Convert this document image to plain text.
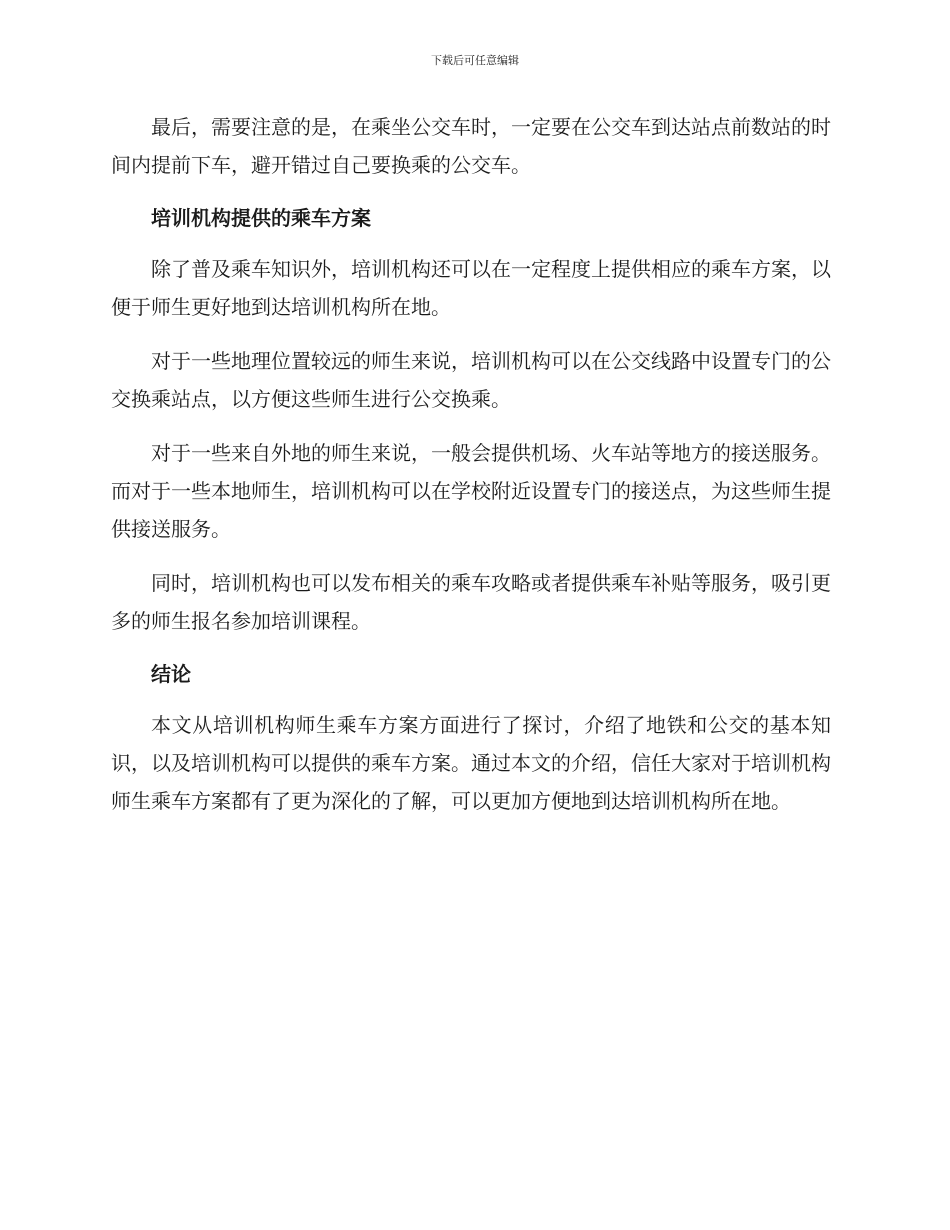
下载后可任意编辑

最后，需要注意的是，在乘坐公交车时，一定要在公交车到达站点前数站的时间内提前下车，避开错过自己要换乘的公交车。

培训机构提供的乘车方案

除了普及乘车知识外，培训机构还可以在一定程度上提供相应的乘车方案，以便于师生更好地到达培训机构所在地。

对于一些地理位置较远的师生来说，培训机构可以在公交线路中设置专门的公交换乘站点，以方便这些师生进行公交换乘。

对于一些来自外地的师生来说，一般会提供机场、火车站等地方的接送服务。而对于一些本地师生，培训机构可以在学校附近设置专门的接送点，为这些师生提供接送服务。

同时，培训机构也可以发布相关的乘车攻略或者提供乘车补贴等服务，吸引更多的师生报名参加培训课程。

结论

本文从培训机构师生乘车方案方面进行了探讨，介绍了地铁和公交的基本知识，以及培训机构可以提供的乘车方案。通过本文的介绍，信任大家对于培训机构师生乘车方案都有了更为深化的了解，可以更加方便地到达培训机构所在地。
